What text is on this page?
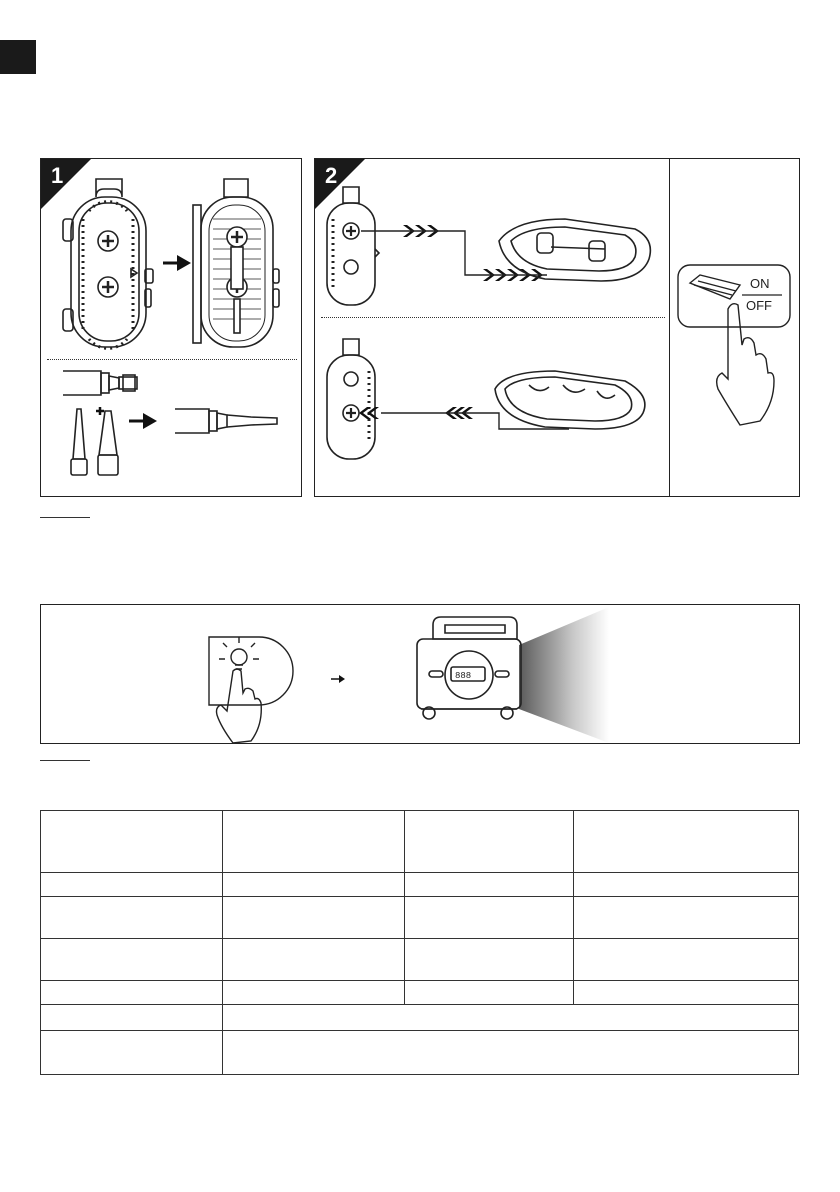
1	2
ON
OFF
888
